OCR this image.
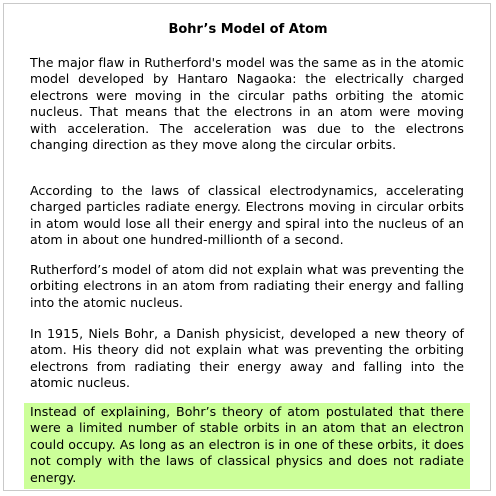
Bohr’s Model of Atom

The major flaw in Rutherford's model was the same as in the atomic model developed by Hantaro Nagaoka: the electrically charged electrons were moving in the circular paths orbiting the atomic nucleus. That means that the electrons in an atom were moving with acceleration. The acceleration was due to the electrons changing direction as they move along the circular orbits.

According to the laws of classical electrodynamics, accelerating charged particles radiate energy. Electrons moving in circular orbits in atom would lose all their energy and spiral into the nucleus of an atom in about one hundred-millionth of a second.

Rutherford’s model of atom did not explain what was preventing the orbiting electrons in an atom from radiating their energy and falling into the atomic nucleus.

In 1915, Niels Bohr, a Danish physicist, developed a new theory of atom. His theory did not explain what was preventing the orbiting electrons from radiating their energy away and falling into the atomic nucleus.

Instead of explaining, Bohr’s theory of atom postulated that there were a limited number of stable orbits in an atom that an electron could occupy. As long as an electron is in one of these orbits, it does not comply with the laws of classical physics and does not radiate energy.
